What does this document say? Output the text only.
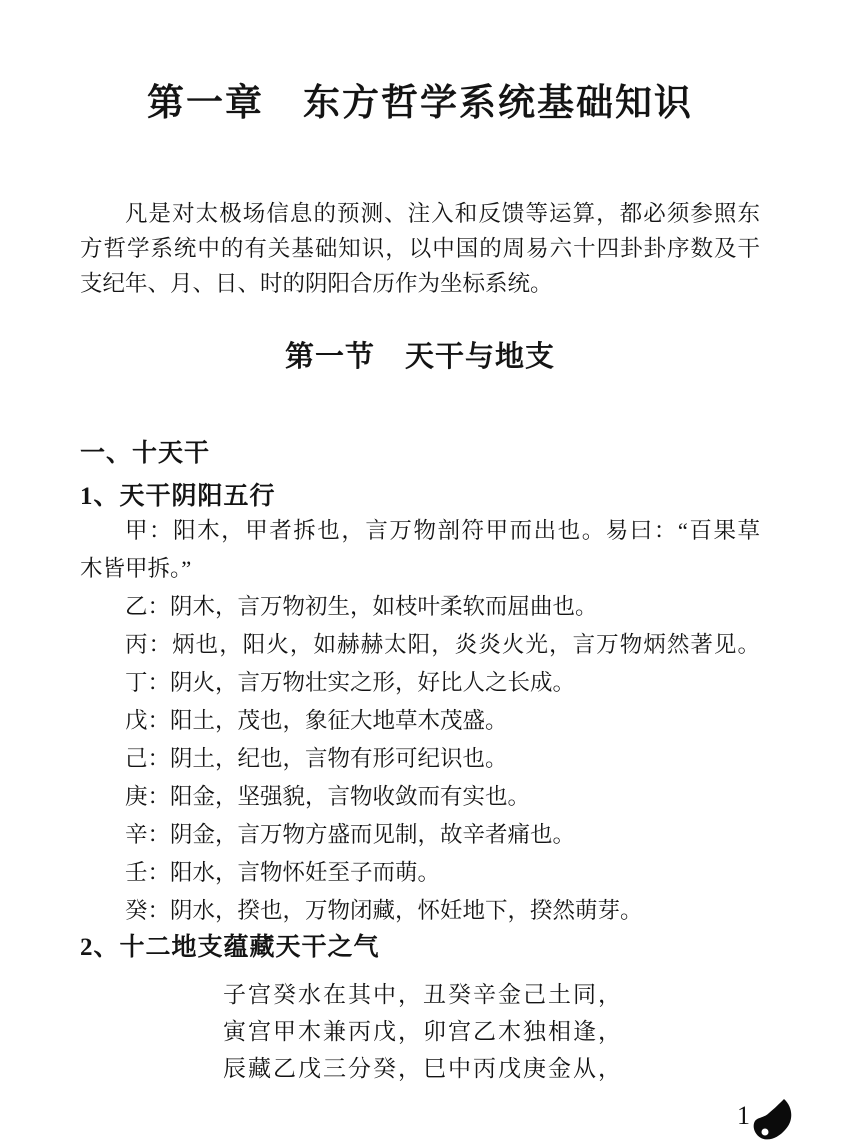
第一章　东方哲学系统基础知识
凡是对太极场信息的预测、注入和反馈等运算，都必须参照东
方哲学系统中的有关基础知识，以中国的周易六十四卦卦序数及干
支纪年、月、日、时的阴阳合历作为坐标系统。
第一节　天干与地支
一、十天干
1、天干阴阳五行
甲：阳木，甲者拆也，言万物剖符甲而出也。易曰：“百果草
木皆甲拆。”
乙：阴木，言万物初生，如枝叶柔软而屈曲也。
丙：炳也，阳火，如赫赫太阳，炎炎火光，言万物炳然著见。
丁：阴火，言万物壮实之形，好比人之长成。
戊：阳土，茂也，象征大地草木茂盛。
己：阴土，纪也，言物有形可纪识也。
庚：阳金，坚强貌，言物收敛而有实也。
辛：阴金，言万物方盛而见制，故辛者痛也。
壬：阳水，言物怀妊至子而萌。
癸：阴水，揆也，万物闭藏，怀妊地下，揆然萌芽。
2、十二地支蕴藏天干之气
子宫癸水在其中，丑癸辛金己土同，
寅宫甲木兼丙戊，卯宫乙木独相逢，
辰藏乙戊三分癸，巳中丙戊庚金从，
1
